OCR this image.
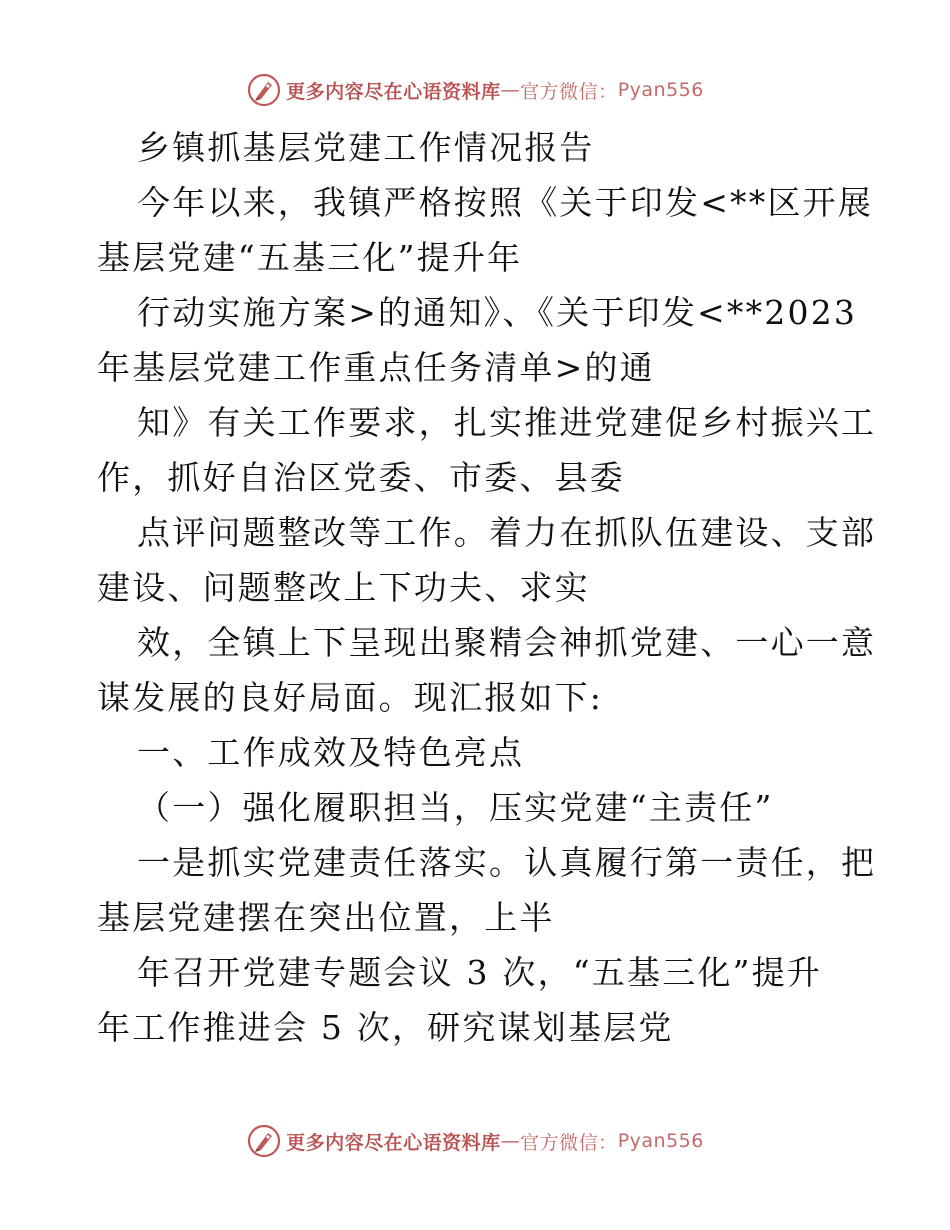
更多内容尽在心语资料库 — 官方微信： Pyan556
乡镇抓基层党建工作情况报告
今年以来，我镇严格按照《关于印发<**区开展
基层党建“五基三化”提升年
行动实施方案>的通知》、《关于印发<**2023
年基层党建工作重点任务清单>的通
知》有关工作要求，扎实推进党建促乡村振兴工
作，抓好自治区党委、市委、县委
点评问题整改等工作。着力在抓队伍建设、支部
建设、问题整改上下功夫、求实
效，全镇上下呈现出聚精会神抓党建、一心一意
谋发展的良好局面。现汇报如下:
一、工作成效及特色亮点
（一）强化履职担当，压实党建“主责任”
一是抓实党建责任落实。认真履行第一责任，把
基层党建摆在突出位置，上半
年召开党建专题会议 3 次，“五基三化”提升
年工作推进会 5 次，研究谋划基层党
更多内容尽在心语资料库 — 官方微信： Pyan556
